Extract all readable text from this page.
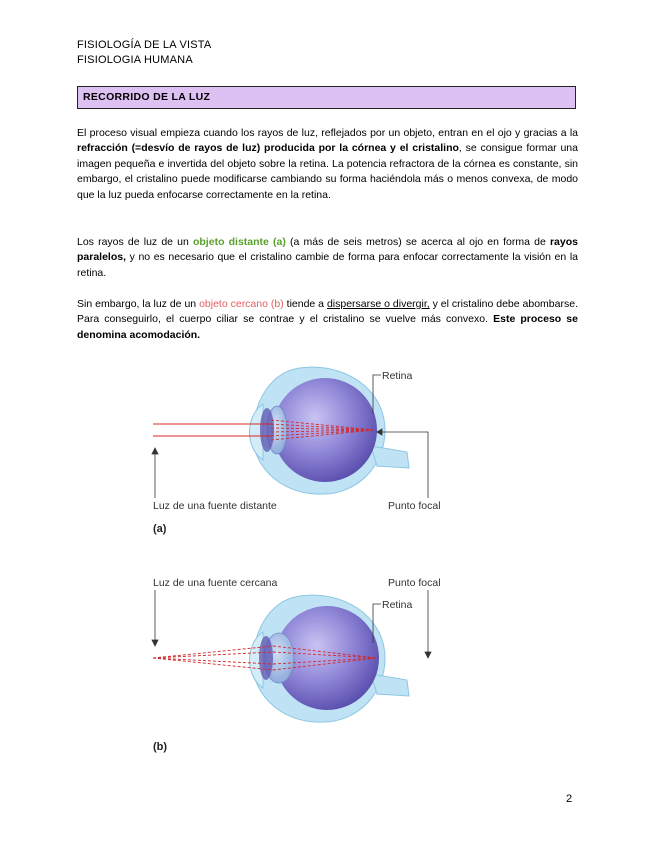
FISIOLOGÍA DE LA VISTA
FISIOLOGIA HUMANA
RECORRIDO DE LA LUZ

El proceso visual empieza cuando los rayos de luz, reflejados por un objeto, entran en el ojo y gracias a la refracción (=desvío de rayos de luz) producida por la córnea y el cristalino, se consigue formar una imagen pequeña e invertida del objeto sobre la retina. La potencia refractora de la córnea es constante, sin embargo, el cristalino puede modificarse cambiando su forma haciéndola más o menos convexa, de modo que la luz pueda enfocarse correctamente en la retina.

Los rayos de luz de un objeto distante (a) (a más de seis metros) se acerca al ojo en forma de rayos paralelos, y no es necesario que el cristalino cambie de forma para enfocar correctamente la visión en la retina.

Sin embargo, la luz de un objeto cercano (b) tiende a dispersarse o divergir, y el cristalino debe abombarse. Para conseguirlo, el cuerpo ciliar se contrae y el cristalino se vuelve más convexo. Este proceso se denomina acomodación.

Retina
Luz de una fuente distante	Punto focal
(a)
Luz de una fuente cercana	Punto focal
Retina
(b)
2
